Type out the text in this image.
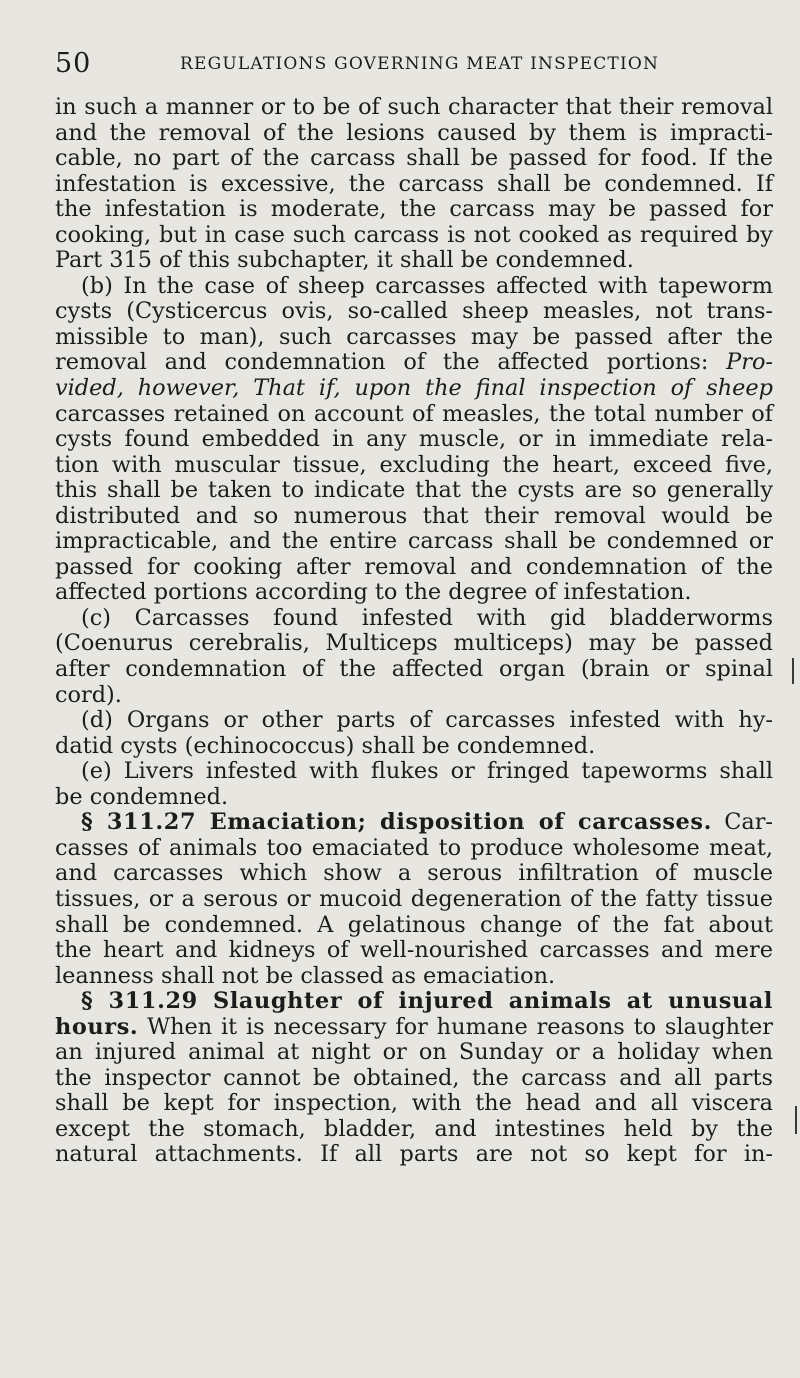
50	REGULATIONS GOVERNING MEAT INSPECTION
in such a manner or to be of such character that their removal
and the removal of the lesions caused by them is impracti-
cable, no part of the carcass shall be passed for food. If the
infestation is excessive, the carcass shall be condemned. If
the infestation is moderate, the carcass may be passed for
cooking, but in case such carcass is not cooked as required by
Part 315 of this subchapter, it shall be condemned.
(b) In the case of sheep carcasses affected with tapeworm
cysts (Cysticercus ovis, so-called sheep measles, not trans-
missible to man), such carcasses may be passed after the
removal and condemnation of the affected portions: Pro-
vided, however, That if, upon the final inspection of sheep
carcasses retained on account of measles, the total number of
cysts found embedded in any muscle, or in immediate rela-
tion with muscular tissue, excluding the heart, exceed five,
this shall be taken to indicate that the cysts are so generally
distributed and so numerous that their removal would be
impracticable, and the entire carcass shall be condemned or
passed for cooking after removal and condemnation of the
affected portions according to the degree of infestation.
(c) Carcasses found infested with gid bladderworms
(Coenurus cerebralis, Multiceps multiceps) may be passed
after condemnation of the affected organ (brain or spinal
cord).
(d) Organs or other parts of carcasses infested with hy-
datid cysts (echinococcus) shall be condemned.
(e) Livers infested with flukes or fringed tapeworms shall
be condemned.
§ 311.27 Emaciation; disposition of carcasses. Car-
casses of animals too emaciated to produce wholesome meat,
and carcasses which show a serous infiltration of muscle
tissues, or a serous or mucoid degeneration of the fatty tissue
shall be condemned. A gelatinous change of the fat about
the heart and kidneys of well-nourished carcasses and mere
leanness shall not be classed as emaciation.
§ 311.29 Slaughter of injured animals at unusual
hours. When it is necessary for humane reasons to slaughter
an injured animal at night or on Sunday or a holiday when
the inspector cannot be obtained, the carcass and all parts
shall be kept for inspection, with the head and all viscera
except the stomach, bladder, and intestines held by the
natural attachments. If all parts are not so kept for in-
